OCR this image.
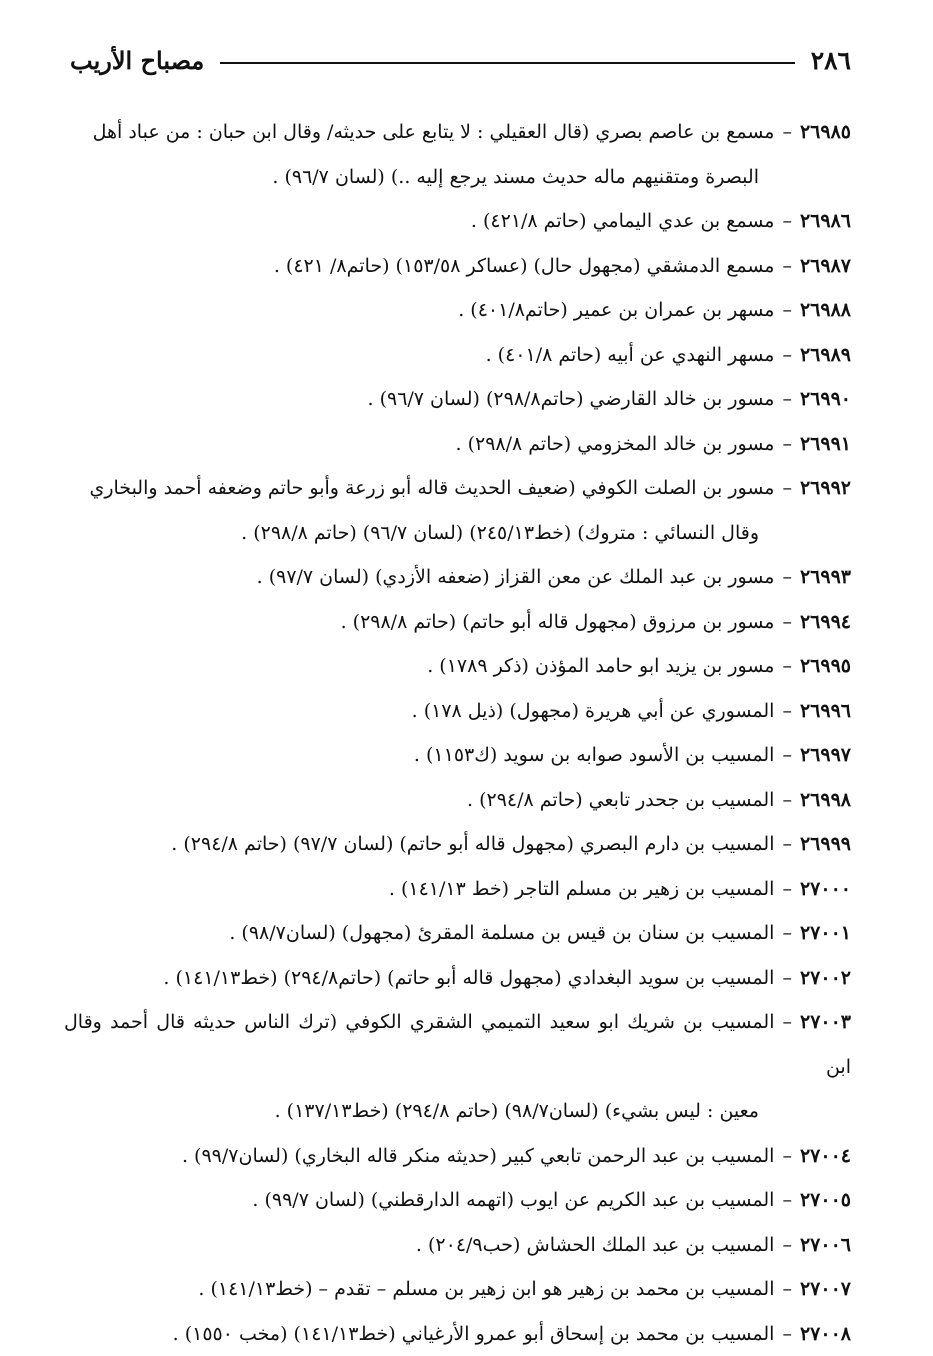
٢٨٦
مصباح الأريب
٢٦٩٨٥–مسمع بن عاصم بصري (قال العقيلي : لا يتابع على حديثه/ وقال ابن حبان : من عباد أهل
البصرة ومتقنيهم ماله حديث مسند يرجع إليه ..) (لسان ٩٦/٧) .
٢٦٩٨٦–مسمع بن عدي اليمامي (حاتم ٤٢١/٨) .
٢٦٩٨٧–مسمع الدمشقي (مجهول حال) (عساكر ١٥٣/٥٨) (حاتم٨/ ٤٢١) .
٢٦٩٨٨–مسهر بن عمران بن عمير (حاتم٤٠١/٨) .
٢٦٩٨٩–مسهر النهدي عن أبيه (حاتم ٤٠١/٨) .
٢٦٩٩٠–مسور بن خالد القارضي (حاتم٢٩٨/٨) (لسان ٩٦/٧) .
٢٦٩٩١–مسور بن خالد المخزومي (حاتم ٢٩٨/٨) .
٢٦٩٩٢–مسور بن الصلت الكوفي (ضعيف الحديث قاله أبو زرعة وأبو حاتم وضعفه أحمد والبخاري
وقال النسائي : متروك) (خط٢٤٥/١٣) (لسان ٩٦/٧) (حاتم ٢٩٨/٨) .
٢٦٩٩٣–مسور بن عبد الملك عن معن القزاز (ضعفه الأزدي) (لسان ٩٧/٧) .
٢٦٩٩٤–مسور بن مرزوق (مجهول قاله أبو حاتم) (حاتم ٢٩٨/٨) .
٢٦٩٩٥–مسور بن يزيد ابو حامد المؤذن (ذكر ١٧٨٩) .
٢٦٩٩٦–المسوري عن أبي هريرة (مجهول) (ذيل ١٧٨) .
٢٦٩٩٧–المسيب بن الأسود صوابه بن سويد (ك١١٥٣) .
٢٦٩٩٨–المسيب بن جحدر تابعي (حاتم ٢٩٤/٨) .
٢٦٩٩٩–المسيب بن دارم البصري (مجهول قاله أبو حاتم) (لسان ٩٧/٧) (حاتم ٢٩٤/٨) .
٢٧٠٠٠–المسيب بن زهير بن مسلم التاجر (خط ١٤١/١٣) .
٢٧٠٠١–المسيب بن سنان بن قيس بن مسلمة المقرئ (مجهول) (لسان٩٨/٧) .
٢٧٠٠٢–المسيب بن سويد البغدادي (مجهول قاله أبو حاتم) (حاتم٢٩٤/٨) (خط١٤١/١٣) .
٢٧٠٠٣–المسيب بن شريك ابو سعيد التميمي الشقري الكوفي (ترك الناس حديثه قال أحمد وقال ابن
معين : ليس بشيء) (لسان٩٨/٧) (حاتم ٢٩٤/٨) (خط١٣٧/١٣) .
٢٧٠٠٤–المسيب بن عبد الرحمن تابعي كبير (حديثه منكر قاله البخاري) (لسان٩٩/٧) .
٢٧٠٠٥–المسيب بن عبد الكريم عن ايوب (اتهمه الدارقطني) (لسان ٩٩/٧) .
٢٧٠٠٦–المسيب بن عبد الملك الحشاش (حب٢٠٤/٩) .
٢٧٠٠٧–المسيب بن محمد بن زهير هو ابن زهير بن مسلم – تقدم – (خط١٤١/١٣) .
٢٧٠٠٨–المسيب بن محمد بن إسحاق أبو عمرو الأرغياني (خط١٤١/١٣) (مخب ١٥٥٠) .
